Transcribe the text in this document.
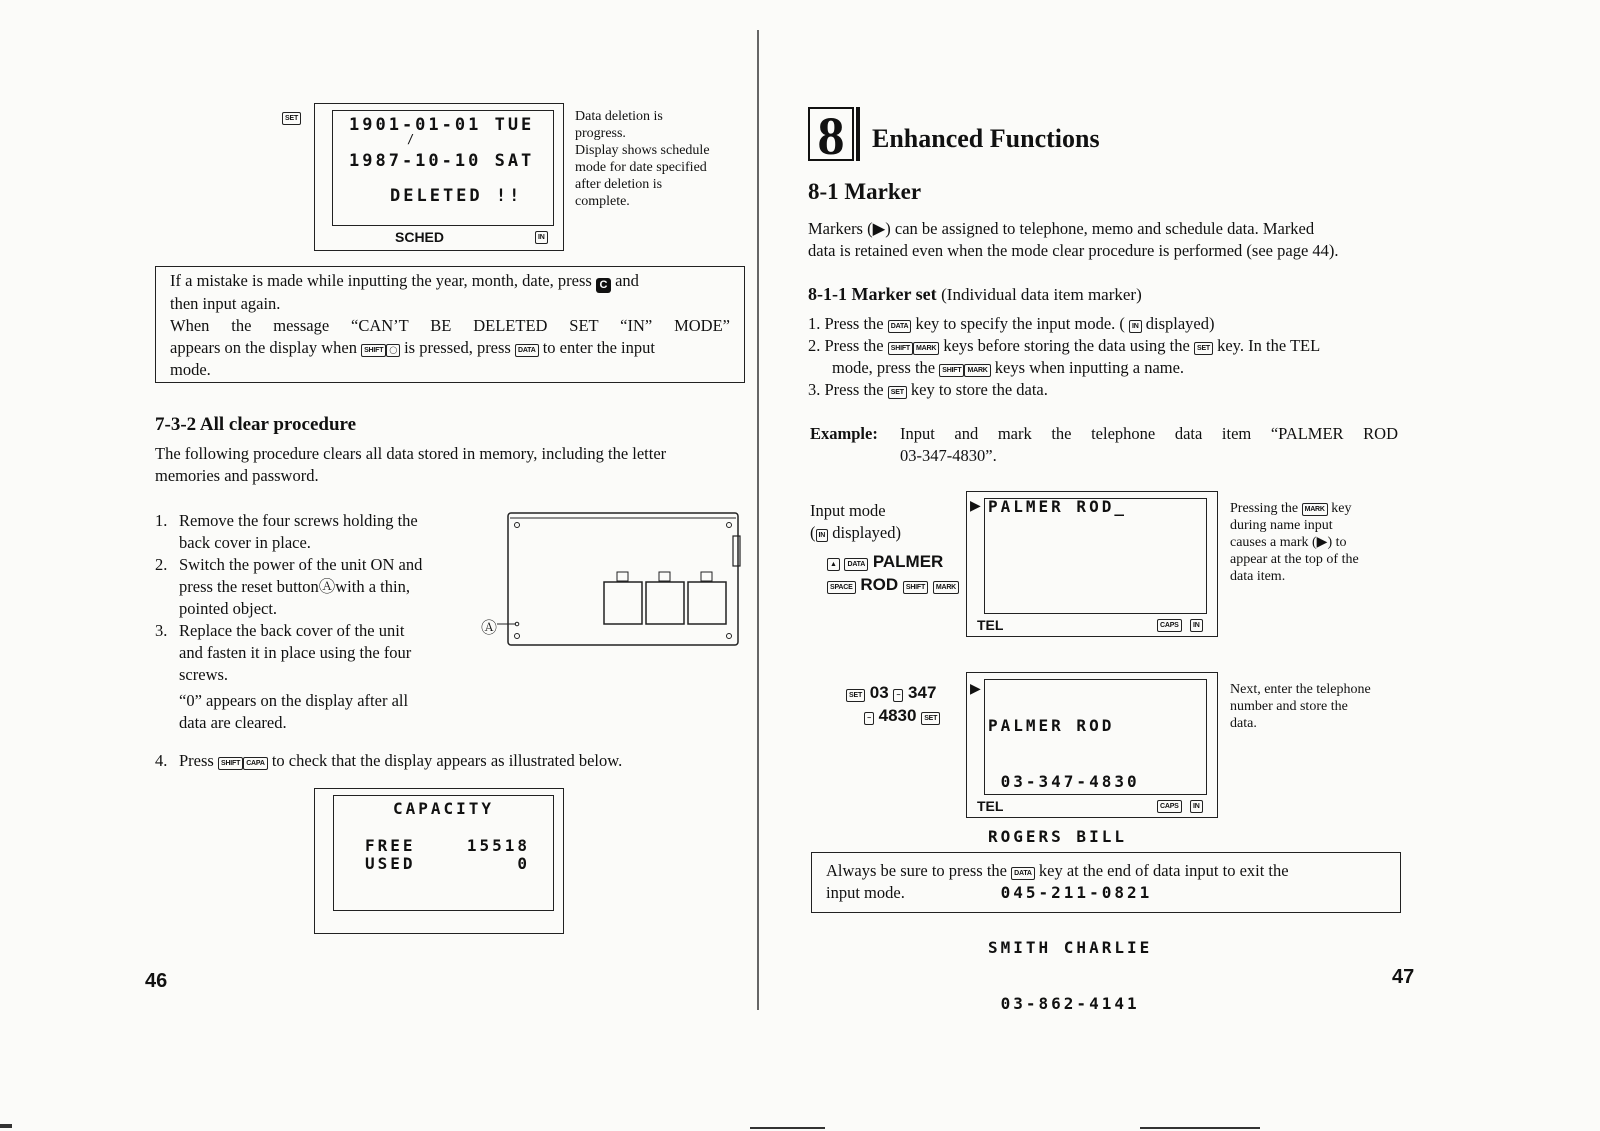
SET	1901-01-01 TUE
/
1987-10-10 SAT
DELETED !!
SCHED	IN
Data deletion is
progress.
Display shows schedule
mode for date specified
after deletion is
complete.
If a mistake is made while inputting the year, month, date, press C and
then input again.
When the message “CAN’T BE DELETED SET “IN” MODE”
appears on the display when SHIFT ◯ is pressed, press DATA to enter the input
mode.
7-3-2 All clear procedure
The following procedure clears all data stored in memory, including the letter
memories and password.
1. Remove the four screws holding the
back cover in place.
2. Switch the power of the unit ON and
press the reset buttonⒶwith a thin,
pointed object.
3. Replace the back cover of the unit
and fasten it in place using the four
screws.
“0” appears on the display after all
data are cleared.
Ⓐ
4. Press SHIFT CAPA to check that the display appears as illustrated below.
CAPACITY
FREE	15518
USED	0
46
8	Enhanced Functions
8-1 Marker
Markers (▶) can be assigned to telephone, memo and schedule data. Marked
data is retained even when the mode clear procedure is performed (see page 44).
8-1-1 Marker set (Individual data item marker)
1. Press the DATA key to specify the input mode. ( IN displayed)
2. Press the SHIFT MARK keys before storing the data using the SET key. In the TEL
mode, press the SHIFT MARK keys when inputting a name.
3. Press the SET key to store the data.
Example: Input and mark the telephone data item “PALMER ROD
03-347-4830”.
Input mode
( IN displayed)
▲ DATA PALMER
SPACE ROD SHIFT MARK
▶ PALMER ROD_
TEL	CAPS	IN
Pressing the MARK key
during name input
causes a mark (▶) to
appear at the top of the
data item.
SET 03 − 347
− 4830 SET
▶

PALMER ROD

03-347-4830

ROGERS BILL

045-211-0821

SMITH CHARLIE

03-862-4141

TEL	CAPS	IN
Next, enter the telephone
number and store the
data.
Always be sure to press the DATA key at the end of data input to exit the
input mode.
47
